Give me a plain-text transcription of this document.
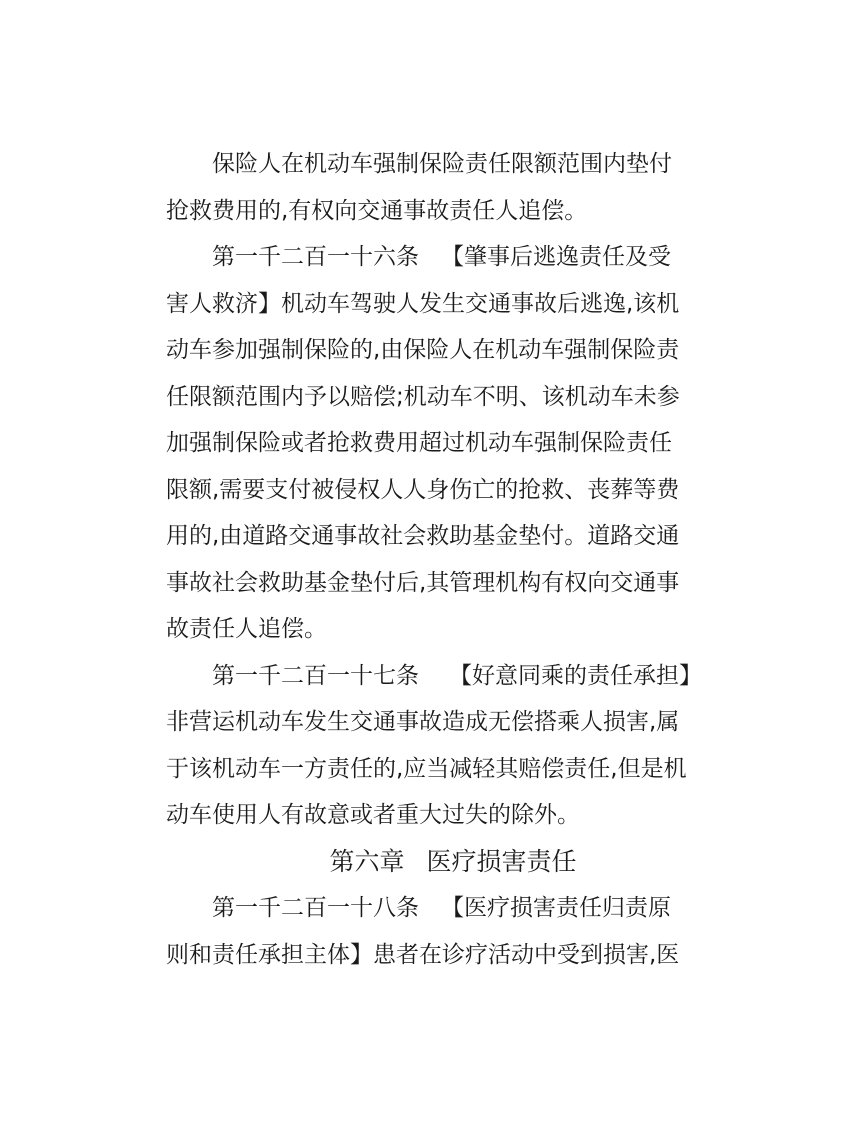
保险人在机动车强制保险责任限额范围内垫付
抢救费用的,有权向交通事故责任人追偿。
第一千二百一十六条 【肇事后逃逸责任及受
害人救济】机动车驾驶人发生交通事故后逃逸,该机
动车参加强制保险的,由保险人在机动车强制保险责
任限额范围内予以赔偿;机动车不明、该机动车未参
加强制保险或者抢救费用超过机动车强制保险责任
限额,需要支付被侵权人人身伤亡的抢救、丧葬等费
用的,由道路交通事故社会救助基金垫付。道路交通
事故社会救助基金垫付后,其管理机构有权向交通事
故责任人追偿。
第一千二百一十七条 【好意同乘的责任承担】
非营运机动车发生交通事故造成无偿搭乘人损害,属
于该机动车一方责任的,应当减轻其赔偿责任,但是机
动车使用人有故意或者重大过失的除外。
第六章 医疗损害责任
第一千二百一十八条 【医疗损害责任归责原
则和责任承担主体】患者在诊疗活动中受到损害,医
